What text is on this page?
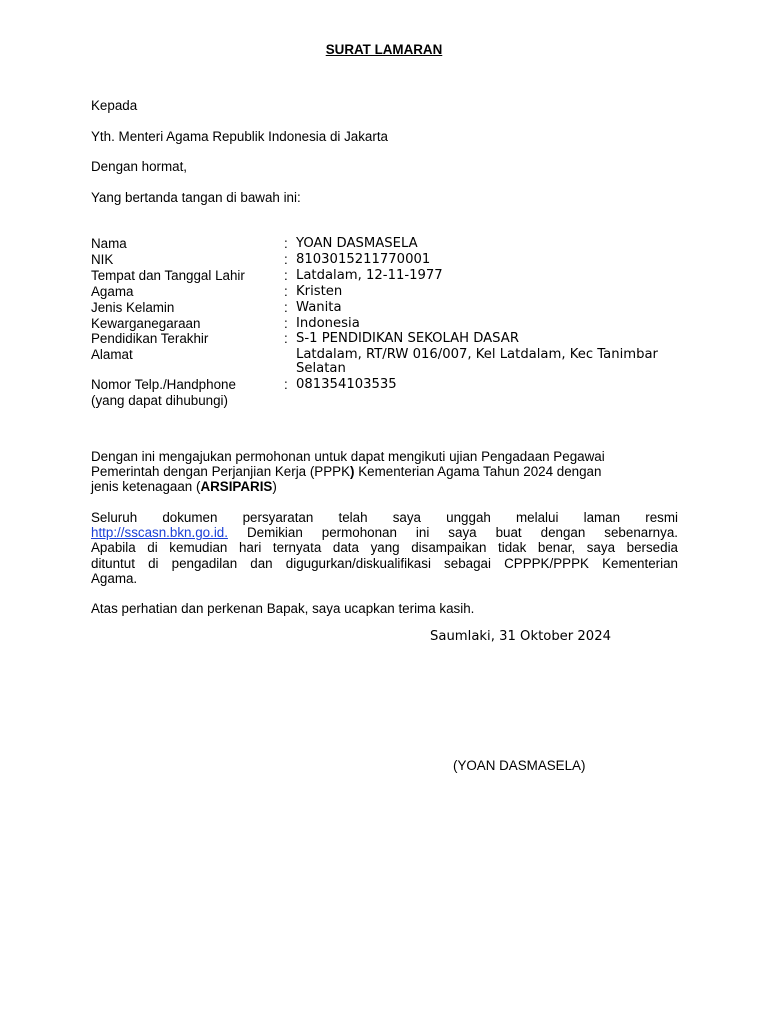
SURAT LAMARAN
Kepada
Yth. Menteri Agama Republik Indonesia di Jakarta
Dengan hormat,
Yang bertanda tangan di bawah ini:
Nama	: YOAN DASMASELA
NIK	: 8103015211770001
Tempat dan Tanggal Lahir	: Latdalam, 12-11-1977
Agama	: Kristen
Jenis Kelamin	: Wanita
Kewarganegaraan	: Indonesia
Pendidikan Terakhir	: S-1 PENDIDIKAN SEKOLAH DASAR
Alamat	Latdalam, RT/RW 016/007, Kel Latdalam, Kec Tanimbar
Selatan
Nomor Telp./Handphone	: 081354103535
(yang dapat dihubungi)
Dengan ini mengajukan permohonan untuk dapat mengikuti ujian Pengadaan Pegawai
Pemerintah dengan Perjanjian Kerja (PPPK) Kementerian Agama Tahun 2024 dengan
jenis ketenagaan (ARSIPARIS)
Seluruh dokumen persyaratan telah saya unggah melalui laman resmi
http://sscasn.bkn.go.id. Demikian permohonan ini saya buat dengan sebenarnya.
Apabila di kemudian hari ternyata data yang disampaikan tidak benar, saya bersedia
dituntut di pengadilan dan digugurkan/diskualifikasi sebagai CPPPK/PPPK Kementerian
Agama.
Atas perhatian dan perkenan Bapak, saya ucapkan terima kasih.
Saumlaki, 31 Oktober 2024
(YOAN DASMASELA)
